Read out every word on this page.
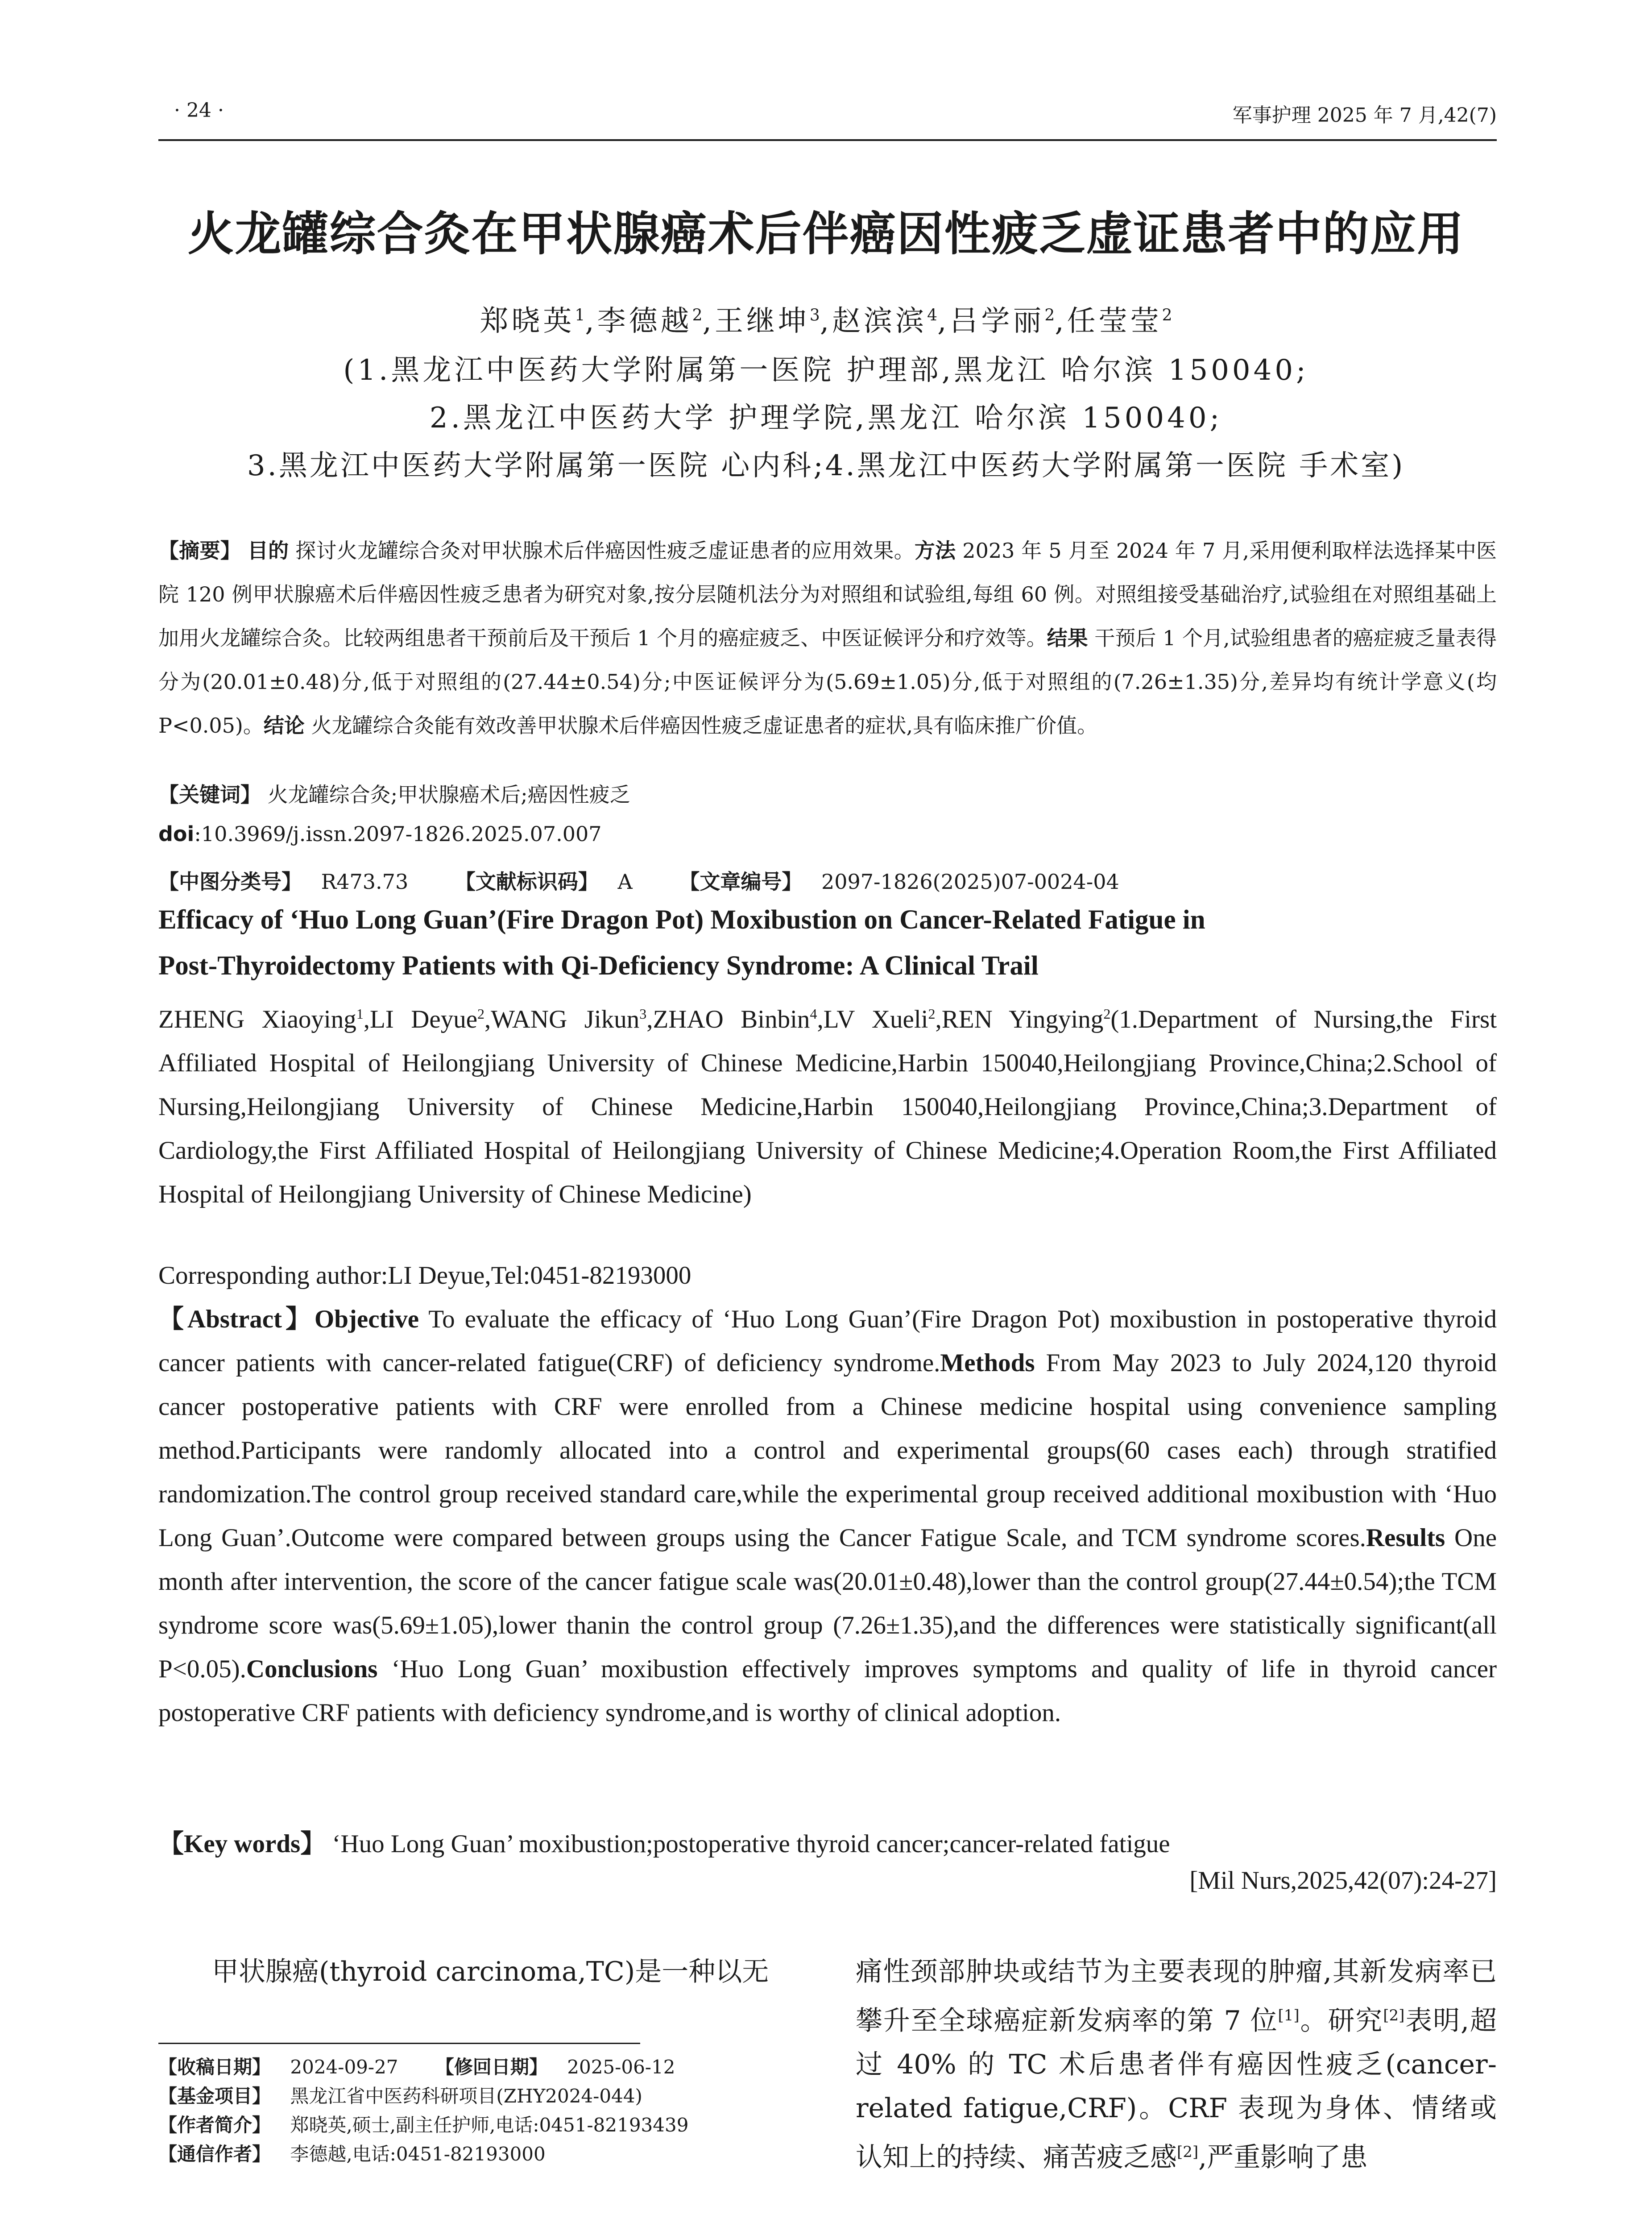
· 24 ·	军事护理 2025 年 7 月,42(7)
火龙罐综合灸在甲状腺癌术后伴癌因性疲乏虚证患者中的应用
郑晓英$^1$,李德越$^2$,王继坤$^3$,赵滨滨$^4$,吕学丽$^2$,任莹莹$^2$
(1.黑龙江中医药大学附属第一医院 护理部,黑龙江 哈尔滨 150040;
2.黑龙江中医药大学 护理学院,黑龙江 哈尔滨 150040;
3.黑龙江中医药大学附属第一医院 心内科;4.黑龙江中医药大学附属第一医院 手术室)
【摘要】 目的 探讨火龙罐综合灸对甲状腺术后伴癌因性疲乏虚证患者的应用效果。方法 2023 年 5 月至 2024 年 7 月,采用便利取样法选择某中医院 120 例甲状腺癌术后伴癌因性疲乏患者为研究对象,按分层随机法分为对照组和试验组,每组 60 例。对照组接受基础治疗,试验组在对照组基础上加用火龙罐综合灸。比较两组患者干预前后及干预后 1 个月的癌症疲乏、中医证候评分和疗效等。结果 干预后 1 个月,试验组患者的癌症疲乏量表得分为(20.01±0.48)分,低于对照组的(27.44±0.54)分;中医证候评分为(5.69±1.05)分,低于对照组的(7.26±1.35)分,差异均有统计学意义(均 P<0.05)。结论 火龙罐综合灸能有效改善甲状腺术后伴癌因性疲乏虚证患者的症状,具有临床推广价值。
【关键词】 火龙罐综合灸;甲状腺癌术后;癌因性疲乏
doi:10.3969/j.issn.2097-1826.2025.07.007
【中图分类号】 R473.73 【文献标识码】 A 【文章编号】 2097-1826(2025)07-0024-04
Efficacy of ‘Huo Long Guan’(Fire Dragon Pot) Moxibustion on Cancer-Related Fatigue in
Post-Thyroidectomy Patients with Qi-Deficiency Syndrome: A Clinical Trail
ZHENG Xiaoying$^1$,LI Deyue$^2$,WANG Jikun$^3$,ZHAO Binbin$^4$,LV Xueli$^2$,REN Yingying$^2$(1.Department of Nursing,the First Affiliated Hospital of Heilongjiang University of Chinese Medicine,Harbin 150040,Heilongjiang Province,China;2.School of Nursing,Heilongjiang University of Chinese Medicine,Harbin 150040,Heilongjiang Province,China;3.Department of Cardiology,the First Affiliated Hospital of Heilongjiang University of Chinese Medicine;4.Operation Room,the First Affiliated Hospital of Heilongjiang University of Chinese Medicine)
Corresponding author:LI Deyue,Tel:0451-82193000
【Abstract】Objective To evaluate the efficacy of ‘Huo Long Guan’(Fire Dragon Pot) moxibustion in postoperative thyroid cancer patients with cancer-related fatigue(CRF) of deficiency syndrome.Methods From May 2023 to July 2024,120 thyroid cancer postoperative patients with CRF were enrolled from a Chinese medicine hospital using convenience sampling method.Participants were randomly allocated into a control and experimental groups(60 cases each) through stratified randomization.The control group received standard care,while the experimental group received additional moxibustion with ‘Huo Long Guan’.Outcome were compared between groups using the Cancer Fatigue Scale, and TCM syndrome scores.Results One month after intervention, the score of the cancer fatigue scale was(20.01±0.48),lower than the control group(27.44±0.54);the TCM syndrome score was(5.69±1.05),lower thanin the control group (7.26±1.35),and the differences were statistically significant(all P<0.05).Conclusions ‘Huo Long Guan’ moxibustion effectively improves symptoms and quality of life in thyroid cancer postoperative CRF patients with deficiency syndrome,and is worthy of clinical adoption.
【Key words】 ‘Huo Long Guan’ moxibustion;postoperative thyroid cancer;cancer-related fatigue
[Mil Nurs,2025,42(07):24-27]
甲状腺癌(thyroid carcinoma,TC)是一种以无
【收稿日期】 2024-09-27 【修回日期】 2025-06-12
【基金项目】 黑龙江省中医药科研项目(ZHY2024-044)
【作者简介】 郑晓英,硕士,副主任护师,电话:0451-82193439
【通信作者】 李德越,电话:0451-82193000
痛性颈部肿块或结节为主要表现的肿瘤,其新发病率已攀升至全球癌症新发病率的第 7 位[1]。研究[2]表明,超过 40% 的 TC 术后患者伴有癌因性疲乏(cancer-related fatigue,CRF)。CRF 表现为身体、情绪或认知上的持续、痛苦疲乏感[2],严重影响了患
